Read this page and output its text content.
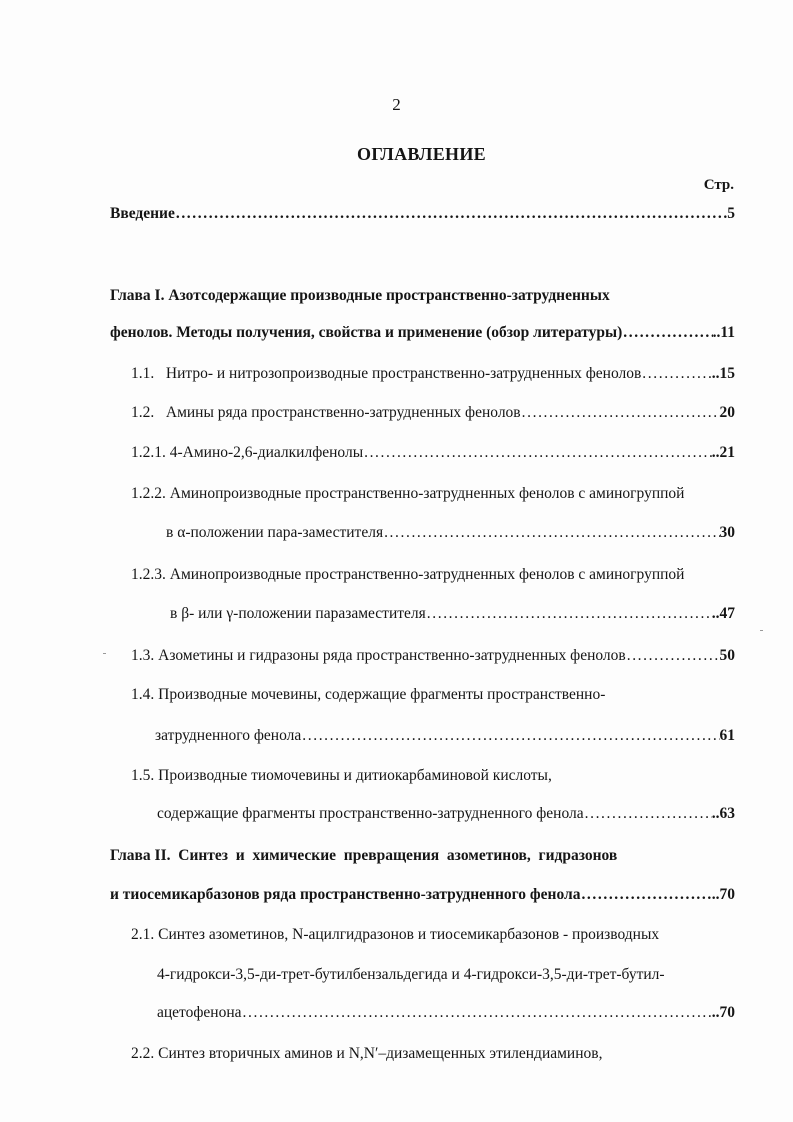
2
ОГЛАВЛЕНИЕ
Стр.
Введение .....	5
Глава I. Азотсодержащие производные пространственно-затрудненных
фенолов. Методы получения, свойства и применение (обзор литературы) .....	..11
1.1.   Нитро- и нитрозопроизводные пространственно-затрудненных фенолов .....	..15
1.2.   Амины ряда пространственно-затрудненных фенолов .....	20
1.2.1. 4-Амино-2,6-диалкилфенолы .....	..21
1.2.2. Аминопроизводные пространственно-затрудненных фенолов с аминогруппой
в α-положении пара-заместителя .....	30
1.2.3. Аминопроизводные пространственно-затрудненных фенолов с аминогруппой
в β- или γ-положении паразаместителя .....	..47
1.3. Азометины и гидразоны ряда пространственно-затрудненных фенолов .....	50
1.4. Производные мочевины, содержащие фрагменты пространственно-
затрудненного фенола .....	61
1.5. Производные тиомочевины и дитиокарбаминовой кислоты,
содержащие фрагменты пространственно-затрудненного фенола .....	..63
Глава II.  Синтез  и  химические  превращения  азометинов,  гидразонов
и тиосемикарбазонов ряда пространственно-затрудненного фенола .....	..70
2.1. Синтез азометинов, N-ацилгидразонов и тиосемикарбазонов - производных
4-гидрокси-3,5-ди-трет-бутилбензальдегида и 4-гидрокси-3,5-ди-трет-бутил-
ацетофенона .....	..70
2.2. Синтез вторичных аминов и N,N′–дизамещенных этилендиаминов,
